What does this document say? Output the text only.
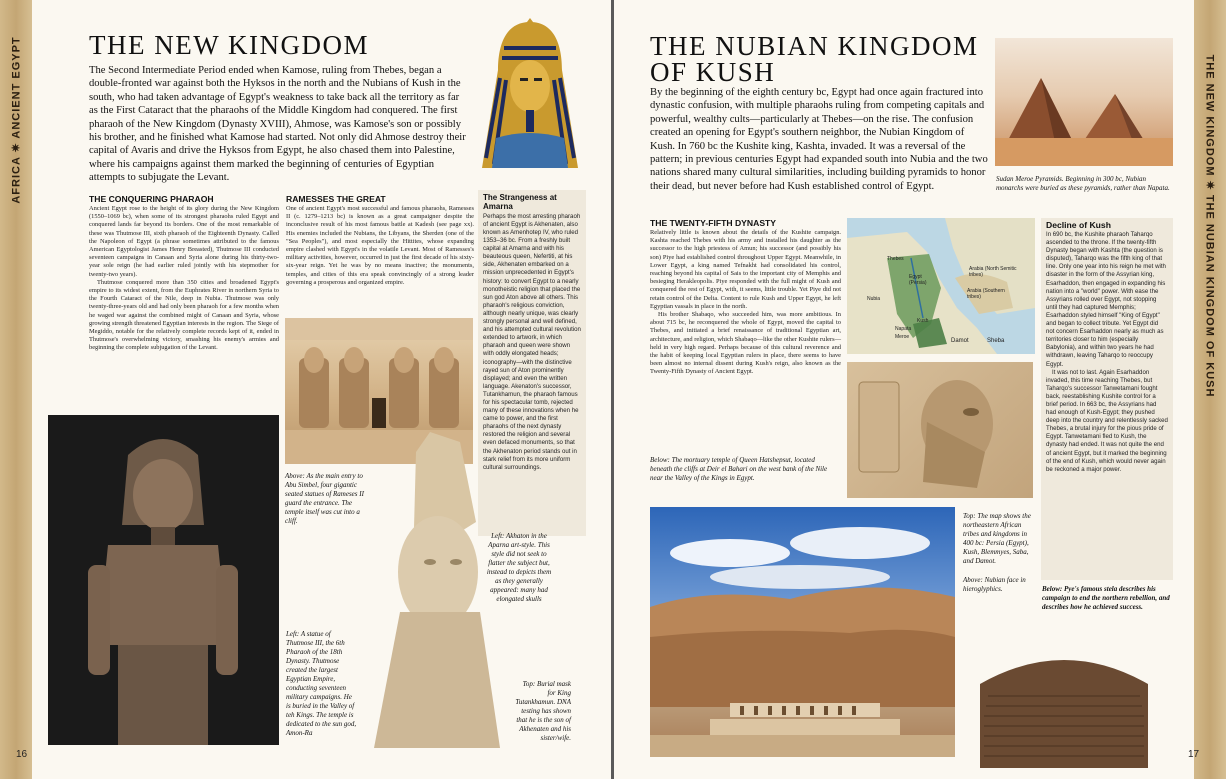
AFRICA ✷ ANCIENT EGYPT THE NEW KINGDOM

The Second Intermediate Period ended when Kamose, ruling from Thebes, began a double-fronted war against both the Hyksos in the north and the Nubians of Kush in the south, who had taken advantage of Egypt's weakness to take back all the territory as far as the First Cataract that the pharaohs of the Middle Kingdom had conquered. The first pharaoh of the New Kingdom (Dynasty XVIII), Ahmose, was Kamose's son or possibly his brother, and he finished what Kamose had started. Not only did Ahmose destroy their capital of Avaris and drive the Hyksos from Egypt, he also chased them into Palestine, where his campaigns against them marked the beginning of centuries of Egyptian attempts to subjugate the Levant.

THE CONQUERING PHARAOH

Ancient Egypt rose to the height of its glory during the New Kingdom (1550–1069 bc), when some of its strongest pharaohs ruled Egypt and conquered lands far beyond its borders. One of the most remarkable of these was Thutmose III, sixth pharaoh of the Eighteenth Dynasty. Called the Napoleon of Egypt (a phrase sometimes attributed to the famous American Egyptologist James Henry Breasted), Thutmose III conducted seventeen campaigns in Canaan and Syria alone during his thirty-two-year sole reign (he had earlier ruled jointly with his stepmother for twenty-two years).

Thutmose conquered more than 350 cities and broadened Egypt's empire to its widest extent, from the Euphrates River in northern Syria to the Fourth Cataract of the Nile, deep in Nubia. Thutmose was only twenty-three-years old and had only been pharaoh for a few months when he waged war against the combined might of Canaan and Syria, whose growing strength threatened Egyptian interests in the region. The Siege of Megiddo, notable for the relatively complete records kept of it, ended in Thutmose's overwhelming victory, smashing his enemy's armies and beginning the complete subjugation of the Levant.

RAMESSES THE GREAT

One of ancient Egypt's most successful and famous pharaohs, Ramesses II (c. 1279–1213 bc) is known as a great campaigner despite the inconclusive result of his most famous battle at Kadesh (see page xx). His enemies included the Nubians, the Libyans, the Sherden (one of the "Sea Peoples"), and most especially the Hittites, whose expanding empire clashed with Egypt's in the volatile Levant. Most of Ramesses's military activities, however, occurred in just the first decade of his sixty-six-year reign. Yet he was by no means inactive; the monuments, temples, and cities of this era speak convincingly of a strong leader governing a prosperous and organized empire.

The Strangeness at Amarna

Perhaps the most arresting pharaoh of ancient Egypt is Akhenaten, also known as Amenhotep IV, who ruled 1353–36 bc. From a freshly built capital at Amarna and with his beauteous queen, Nefertiti, at his side, Akhenaten embarked on a mission unprecedented in Egypt's history: to convert Egypt to a nearly monotheistic religion that placed the sun god Aton above all others. This pharaoh's religious conviction, although nearly unique, was clearly strongly personal and well defined, and his attempted cultural revolution extended to artwork, in which pharaoh and queen were shown with oddly elongated heads; iconography—with the distinctive rayed sun of Aton prominently displayed; and even the written language. Akenaton's successor, Tutankhamun, the pharaoh famous for his spectacular tomb, rejected many of these innovations when he came to power, and the first pharaohs of the next dynasty restored the religion and several even defaced monuments, so that the Akhenaton period stands out in stark relief from its more uniform cultural surroundings.

Above: As the main entry to Abu Simbel, four gigantic seated statues of Rameses II guard the entrance. The temple itself was cut into a cliff.

Left: A statue of Thutmose III, the 6th Pharaoh of the 18th Dynasty. Thutmose created the largest Egyptian Empire, conducting seventeen military campaigns. He is buried in the Valley of teh Kings. The temple is dedicated to the sun god, Amon-Ra

Left: Akhaton in the Aparna art-style. This style did not seek to flatter the subject but, instead to depicts them as they generally appeared: many had elongated skulls

Top: Burial mask for King Tutankhamun. DNA testing has shown that he is the son of Akhenaten and his sister/wife.

16
THE NEW KINGDOM ✷ THE NUBIAN KINGDOM OF KUSH
THE NUBIAN KINGDOM
OF KUSH

By the beginning of the eighth century bc, Egypt had once again fractured into dynastic confusion, with multiple pharaohs ruling from competing capitals and powerful, wealthy cults—particularly at Thebes—on the rise. The confusion created an opening for Egypt's southern neighbor, the Nubian Kingdom of Kush. In 760 bc the Kushite king, Kashta, invaded. It was a reversal of the pattern; in previous centuries Egypt had expanded south into Nubia and the two nations shared many cultural similarities, including building pyramids to honor their dead, but never before had Kush established control of Egypt.

Sudan Meroe Pyramids. Beginning in 300 bc, Nubian monarchs were buried as these pyramids, rather than Napata.

THE TWENTY-FIFTH DYNASTY

Relatively little is known about the details of the Kushite campaign. Kashta reached Thebes with his army and installed his daughter as the successor to the high priestess of Amun; his successor (and possibly his son) Piye had established control throughout Upper Egypt. Meanwhile, in Lower Egypt, a king named Tefnakht had consolidated his control, reaching beyond his capital of Sais to the important city of Memphis and besieging Herakleopolis. Piye responded with the full might of Kush and conquered the rest of Egypt, with, it seems, little trouble. Yet Piye did not retain control of the Delta. Content to rule Kush and Upper Egypt, he left Egyptian vassals in place in the north.

His brother Shabaqo, who succeeded him, was more ambitious. In about 715 bc, he reconquered the whole of Egypt, moved the capital to Thebes, and initiated a brief renaissance of traditional Egyptian art, architecture, and religion, which Shabaqo—like the other Kushite rulers—held in very high regard. Perhaps because of this cultural reverence and the habit of keeping local Egyptian rulers in place, there seems to have been almost no internal dissent during Kush's reign, also known as the Twenty-Fifth Dynasty of Ancient Egypt.

Thebes
Egypt (Persia)
Arabia (North Semitic tribes)
Arabia (Southern tribes)
Nubia
Kush
Napata
Meroe
Damot	Sheba

Below: The mortuary temple of Queen Hatshepsut, located beneath the cliffs at Deir el Bahari on the west bank of the Nile near the Valley of the Kings in Egypt.

Top: The map shows the northeastern African tribes and kingdoms in 400 bc: Persia (Egypt), Kush, Blemmyes, Saba, and Damot.

Above: Nubian face in hieroglyphics.

Decline of Kush

In 690 bc, the Kushite pharaoh Taharqo ascended to the throne. If the twenty-fifth Dynasty began with Kashta (the question is disputed), Taharqo was the fifth king of that line. Only one year into his reign he met with disaster in the form of the Assyrian king, Esarhaddon, then engaged in expanding his nation into a "world" power. With ease the Assyrians rolled over Egypt, not stopping until they had captured Memphis; Esarhaddon styled himself "King of Egypt" and began to collect tribute. Yet Egypt did not concern Esarhaddon nearly as much as territories closer to him (especially Babylonia), and within two years he had withdrawn, leaving Taharqo to reoccupy Egypt.

It was not to last. Again Esarhaddon invaded, this time reaching Thebes, but Taharqo's successor Tanwetamani fought back, reestablishing Kushite control for a brief period. In 663 bc, the Assyrians had had enough of Kush-Egypt; they pushed deep into the country and relentlessly sacked Thebes, a brutal injury for the pious pride of Egypt. Tanwetamani fled to Kush, the dynasty had ended. It was not quite the end of ancient Egypt, but it marked the beginning of the end of Kush, which would never again be reckoned a major power.

Below: Pye's famous stela describes his campaign to end the northern rebellion, and describes how he achieved success.

17
